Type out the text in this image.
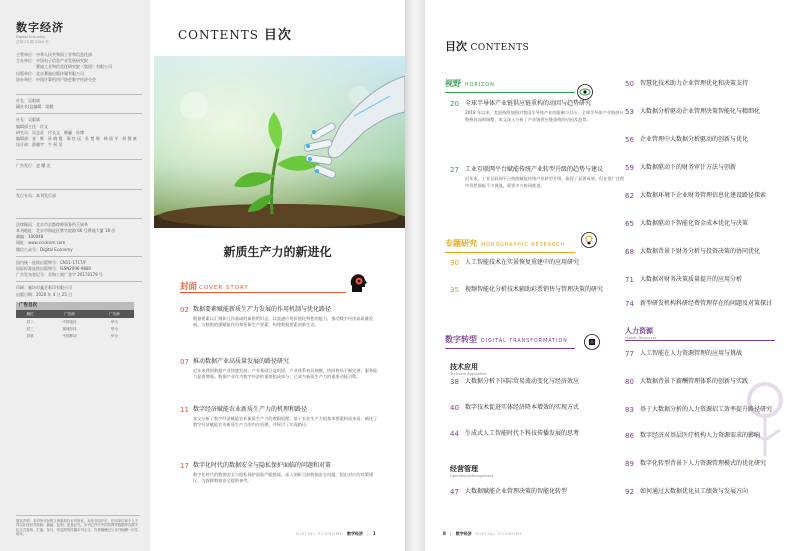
数字经济
Digital Economy
总第 25 期 2020 年
主管单位：中华人民共和国工业和信息化部
主办单位：中国电子信息产业发展研究院
　　　　　赛迪工业和信息化研究院（集团）有限公司
出版单位：北京赛迪出版传媒有限公司
协办单位：中国计算机用户协会数字经济分会
社长：吴毅斌
副社长/总编辑：梁健
社长：吴毅斌
编辑部主任：许文
研究员：吴志苏　付长文　韩瀛　孙博
编辑部：金　辉　孙 晓 霞　郑 红 远　杜 楚 瑞　韩 瑶 平　胡 敬 康
设计部：薛晓宇　牛 柯 菲
广告发行：凌 曙 光
发行专员：本刊发行部
法律顾问：北京市京都律师事务所王妍华
本刊地址：北京市海淀区紫竹院路 66 号赛迪大厦 18 层
邮编：100048
网址：www.ccidcom.com
微信公众号：Digital Economy
国内统一连续出版物号：CN11-1717/F
国际标准连续出版物号：ISSN2096-9880
广告发布登记号：京海工商广登字 20170179 号
印刷：廊坊市鑫艺彩印有限公司
出版日期：2020 年 4 月 25 日
广告目次
版位	广告商	广告商
封二	中国电信	华为
封三	赛迪经纬	华为
封底	中国移动	华为
版权声明：本刊所刊登的文章版权归本刊所有，未经书面许可，任何单位和个人不得以任何形式转载、摘编、复制，违者必究。本刊已许可中国知网等数据库以数字化方式复制、汇编、发行、信息网络传播本刊全文，作者稿酬已与本刊稿酬一次性给付。
CONTENTS 目次
新质生产力的新进化
封面 COVER STORY
02 数据要素赋能新质生产力发展的作用机制与优化路径
数据要素以汇聚和互作基础的新供给形态、以流通应用价值化特性的能力，推动数字经济高质量发展。与数据的强赋能作用和更新生产要素，构建数据要素创新生态。
07 推动数据产业高质量发展的路径研究
近年来我国数据产业快速发展，产业基础日益巩固，产业体系初具规模，协同格局不断完善，服务能力显著增强。数据产业作为数字经济的重要组成部分，已成为新质生产力的重要动能引擎。
11 数字经济赋能农业新质生产力的机理和路径
本文分析了数字经济赋能农业新质生产力的逻辑机理，基于农业生产力的基本要素构成来看，阐述了数字经济赋能农业新质生产力的内在机理，并探讨了实现路径。
17 数字化时代的数据安全与隐私保护面临的问题和对策
数字化时代的数据安全与隐私保护面临严峻挑战，深入剖析当前数据安全问题，提出对应的对策建议，为保障数据安全提供参考。
DIGITAL ECONOMY 数字经济 | 1
目次 CONTENTS
视野 HORIZON
20	全球半导体产业链供应链重构的动因与趋势研究
2018 年以来，美国持续加强对我国半导体产业的限制与打压，全球半导体产业链供应链格局深刻调整，本文深入分析了产业链供应链重构的动因及趋势。
27	工业互联网平台赋能传统产业转型升级的趋势与建议
近年来，工业互联网平台持续赋能传统产业转型升级，取得了显著成效。但在推广过程中仍然面临不少挑战，需要多方协同推进。
专题研究 MONOGRAPHIC RESEARCH
30	人工智能技术在实景恢复重建中的应用研究
35	视频智能化分析技术辅助彩票销售与管理决策的研究
数字转型 DIGITAL TRANSFORMATION
技术应用
Technical Application
38	大数据分析下国际贸易流动变化与经济效应
40	数字技术促进实体经济降本增效的实现方式
44	生成式人工智能时代下科技传播发展的思考
经营管理
Operation&Management
47	大数据赋能企业管理决策的智能化转型
50	智慧化技术助力企业管理优化和决策支持
53	大数据分析驱动企业管理决策智能化与精细化
56	企业管理中大数据分析驱动的创新与优化
59	大数据驱动下的财务审计方法与创新
62	大数据环境下企业财务管理信息化建设路径探索
65	大数据驱动下智能化资金成本优化与决策
68	大数据背景下财务分析与投资决策的协同优化
71	大数据对财务决策质量提升的应用分析
74	新型研发机构科研经费管理存在的问题及对策探讨
人力资源
Human Resources
77	人工智能在人力资源管理的应用与挑战
80	大数据背景下薪酬管理体系的创新与实践
83	基于大数据分析的人力资源招工效率提升路径研究
86	数字经济对基层医疗机构人力资源需求的影响
89	数字化转型背景下人力资源管理模式的优化研究
92	如何通过大数据优化员工绩效与发展方向
8 | 数字经济 DIGITAL ECONOMY
